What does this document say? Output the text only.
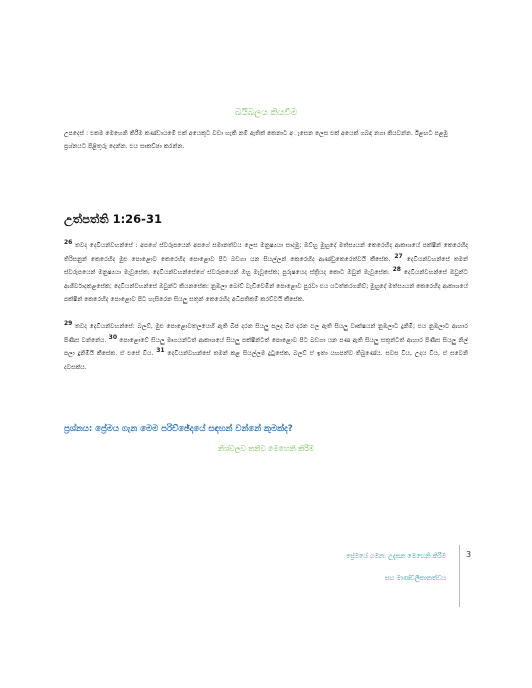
බයිබලය කියවීම
උපදෙස් : එකම මෙහෙනි කිරීම කණ්ඩායමේ එක් අයෙකුට වඩා හැකි නම් ඇතික් කෙනාට අැසෙන ලෙස එක් අයෙක් ගබඳ නගා කියවන්න. ඊළඟට පළමු ප්‍රශ්නයට පිළිතුරු දෙන්න. එය සාකච්ඡා කරන්න.
උත්පත්ති 1:26-31

26 තවද දෙවියන්වහන්සේ : අපගේ ස්වරූපයෙන් අපගේ සමානත්වය ලෙස මනුෂ්‍යයා සාදමු; ඔව්හු මුහුදේ මත්ස්‍යයන් කෙරෙහිද ආකාශයේ පක්ෂීන් කෙරෙහිද තිරිසනුන් කෙරෙහිද මුළු පොළොව කෙරෙහිද පොළොව පිට බඩගා යන සියල්ලන් කෙරෙහිද ආණ්ඩුකෙරෙත්වයි කීසේක. 27 දෙවියන්වහන්සේ තමන් ස්වරූපයෙන් මනුෂ්‍යයා මැවූසේක, දෙවියන්වහන්සේගේ ස්වරූපයෙන් ඔහු මැවූසේක; පුරුෂයෙද ස්ත්‍රියද කොට ඔවුන් මැවූසේක. 28 දෙවියන්වහන්සේ ඔවුන්ට ආශීර්වාදකළසේක; දෙවියන්වහන්සේ ඔවුන්ට කියනසේක: නුඹලා බෝව් වැඩිවෙමින් පොළොව පුරවා එය යටත්කරගනිව්; මුහුදේ මත්ස්‍යයන් කෙරෙහිද ආකාශයේ පක්ෂීන් කෙරෙහිද පොළොව පිට හැසිරෙන සියලු සතුන් කෙරෙහිද අධිපතිකම් කරව්වයි කීසේක.

29 තවද දෙවියන්වහන්සේ: බලව්, මුළු පොළොවතලයෙහි ඇති බීජ දරන සියලු පලද බීජ දරන ඵල ඇති සියලු වෘක්ෂයන් නුඹලාට දුනිමි; එය නුඹලාට ආහාර පිණිස වන්නේය. 30 පොළොවේ සියලු මෘගයන්ටත් ආකාශයේ සියලු පක්ෂීන්ටත් පොළොව පිට බඩගා යන පණ ඇති සියලු සතුන්ටත් ආහාර පිණිස සියලු නිල් පලා දුනිමියි කීසේක. ඒ එසේ විය. 31 දෙවියන්වහන්සේ තමන් කළ සියල්ලම දුටුසේක, බලව් ඒ ඉතා යහපත්ව තිබුණේය. සවස විය, උදය විය, ඒ සවෙනි දවසක්ය.

ප්‍රශ්නය: ප්‍රේමය ගැන මෙම පරිච්ඡේදයේ සඳහන් වන්නේ කුමක්ද?
නිශ්චලව තනිව මෙහෙනි කිරීම
ප්‍රේමයේ ගමන: උදැසන මෙහෙනි කිරීම
සහ මාණ්ඩලිකාකත්වය
3
